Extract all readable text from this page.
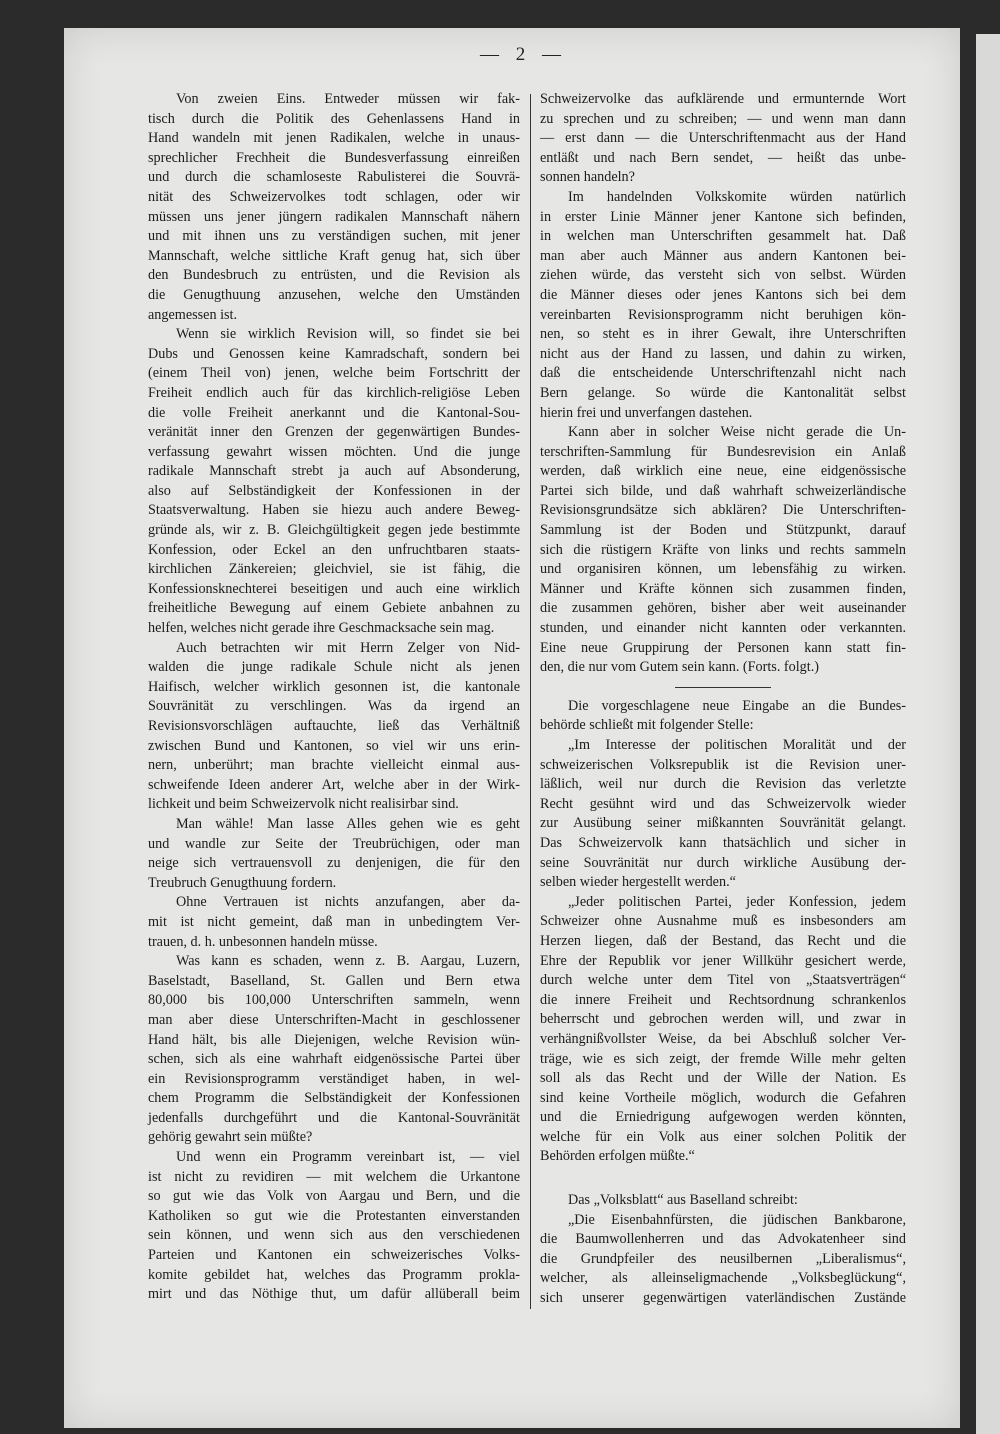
— 2 —
Von zweien Eins. Entweder müssen wir fak-
tisch durch die Politik des Gehenlassens Hand in
Hand wandeln mit jenen Radikalen, welche in unaus-
sprechlicher Frechheit die Bundesverfassung einreißen
und durch die schamloseste Rabulisterei die Souvrä-
nität des Schweizervolkes todt schlagen, oder wir
müssen uns jener jüngern radikalen Mannschaft nähern
und mit ihnen uns zu verständigen suchen, mit jener
Mannschaft, welche sittliche Kraft genug hat, sich über
den Bundesbruch zu entrüsten, und die Revision als
die Genugthuung anzusehen, welche den Umständen
angemessen ist.
Wenn sie wirklich Revision will, so findet sie bei
Dubs und Genossen keine Kamradschaft, sondern bei
(einem Theil von) jenen, welche beim Fortschritt der
Freiheit endlich auch für das kirchlich-religiöse Leben
die volle Freiheit anerkannt und die Kantonal-Sou-
veränität inner den Grenzen der gegenwärtigen Bundes-
verfassung gewahrt wissen möchten. Und die junge
radikale Mannschaft strebt ja auch auf Absonderung,
also auf Selbständigkeit der Konfessionen in der
Staatsverwaltung. Haben sie hiezu auch andere Beweg-
gründe als, wir z. B. Gleichgültigkeit gegen jede bestimmte
Konfession, oder Eckel an den unfruchtbaren staats-
kirchlichen Zänkereien; gleichviel, sie ist fähig, die
Konfessionsknechterei beseitigen und auch eine wirklich
freiheitliche Bewegung auf einem Gebiete anbahnen zu
helfen, welches nicht gerade ihre Geschmacksache sein mag.
Auch betrachten wir mit Herrn Zelger von Nid-
walden die junge radikale Schule nicht als jenen
Haifisch, welcher wirklich gesonnen ist, die kantonale
Souvränität zu verschlingen. Was da irgend an
Revisionsvorschlägen auftauchte, ließ das Verhältniß
zwischen Bund und Kantonen, so viel wir uns erin-
nern, unberührt; man brachte vielleicht einmal aus-
schweifende Ideen anderer Art, welche aber in der Wirk-
lichkeit und beim Schweizervolk nicht realisirbar sind.
Man wähle! Man lasse Alles gehen wie es geht
und wandle zur Seite der Treubrüchigen, oder man
neige sich vertrauensvoll zu denjenigen, die für den
Treubruch Genugthuung fordern.
Ohne Vertrauen ist nichts anzufangen, aber da-
mit ist nicht gemeint, daß man in unbedingtem Ver-
trauen, d. h. unbesonnen handeln müsse.
Was kann es schaden, wenn z. B. Aargau, Luzern,
Baselstadt, Baselland, St. Gallen und Bern etwa
80,000 bis 100,000 Unterschriften sammeln, wenn
man aber diese Unterschriften-Macht in geschlossener
Hand hält, bis alle Diejenigen, welche Revision wün-
schen, sich als eine wahrhaft eidgenössische Partei über
ein Revisionsprogramm verständiget haben, in wel-
chem Programm die Selbständigkeit der Konfessionen
jedenfalls durchgeführt und die Kantonal-Souvränität
gehörig gewahrt sein müßte?
Und wenn ein Programm vereinbart ist, — viel
ist nicht zu revidiren — mit welchem die Urkantone
so gut wie das Volk von Aargau und Bern, und die
Katholiken so gut wie die Protestanten einverstanden
sein können, und wenn sich aus den verschiedenen
Parteien und Kantonen ein schweizerisches Volks-
komite gebildet hat, welches das Programm prokla-
mirt und das Nöthige thut, um dafür allüberall beim
Schweizervolke das aufklärende und ermunternde Wort
zu sprechen und zu schreiben; — und wenn man dann
— erst dann — die Unterschriftenmacht aus der Hand
entläßt und nach Bern sendet, — heißt das unbe-
sonnen handeln?
Im handelnden Volkskomite würden natürlich
in erster Linie Männer jener Kantone sich befinden,
in welchen man Unterschriften gesammelt hat. Daß
man aber auch Männer aus andern Kantonen bei-
ziehen würde, das versteht sich von selbst. Würden
die Männer dieses oder jenes Kantons sich bei dem
vereinbarten Revisionsprogramm nicht beruhigen kön-
nen, so steht es in ihrer Gewalt, ihre Unterschriften
nicht aus der Hand zu lassen, und dahin zu wirken,
daß die entscheidende Unterschriftenzahl nicht nach
Bern gelange. So würde die Kantonalität selbst
hierin frei und unverfangen dastehen.
Kann aber in solcher Weise nicht gerade die Un-
terschriften-Sammlung für Bundesrevision ein Anlaß
werden, daß wirklich eine neue, eine eidgenössische
Partei sich bilde, und daß wahrhaft schweizerländische
Revisionsgrundsätze sich abklären? Die Unterschriften-
Sammlung ist der Boden und Stützpunkt, darauf
sich die rüstigern Kräfte von links und rechts sammeln
und organisiren können, um lebensfähig zu wirken.
Männer und Kräfte können sich zusammen finden,
die zusammen gehören, bisher aber weit auseinander
stunden, und einander nicht kannten oder verkannten.
Eine neue Gruppirung der Personen kann statt fin-
den, die nur vom Gutem sein kann. (Forts. folgt.)
Die vorgeschlagene neue Eingabe an die Bundes-
behörde schließt mit folgender Stelle:
„Im Interesse der politischen Moralität und der
schweizerischen Volksrepublik ist die Revision uner-
läßlich, weil nur durch die Revision das verletzte
Recht gesühnt wird und das Schweizervolk wieder
zur Ausübung seiner mißkannten Souvränität gelangt.
Das Schweizervolk kann thatsächlich und sicher in
seine Souvränität nur durch wirkliche Ausübung der-
selben wieder hergestellt werden.“
„Jeder politischen Partei, jeder Konfession, jedem
Schweizer ohne Ausnahme muß es insbesonders am
Herzen liegen, daß der Bestand, das Recht und die
Ehre der Republik vor jener Willkühr gesichert werde,
durch welche unter dem Titel von „Staatsverträgen“
die innere Freiheit und Rechtsordnung schrankenlos
beherrscht und gebrochen werden will, und zwar in
verhängnißvollster Weise, da bei Abschluß solcher Ver-
träge, wie es sich zeigt, der fremde Wille mehr gelten
soll als das Recht und der Wille der Nation. Es
sind keine Vortheile möglich, wodurch die Gefahren
und die Erniedrigung aufgewogen werden könnten,
welche für ein Volk aus einer solchen Politik der
Behörden erfolgen müßte.“
Das „Volksblatt“ aus Baselland schreibt:
„Die Eisenbahnfürsten, die jüdischen Bankbarone,
die Baumwollenherren und das Advokatenheer sind
die Grundpfeiler des neusilbernen „Liberalismus“,
welcher, als alleinseligmachende „Volksbeglückung“,
sich unserer gegenwärtigen vaterländischen Zustände
